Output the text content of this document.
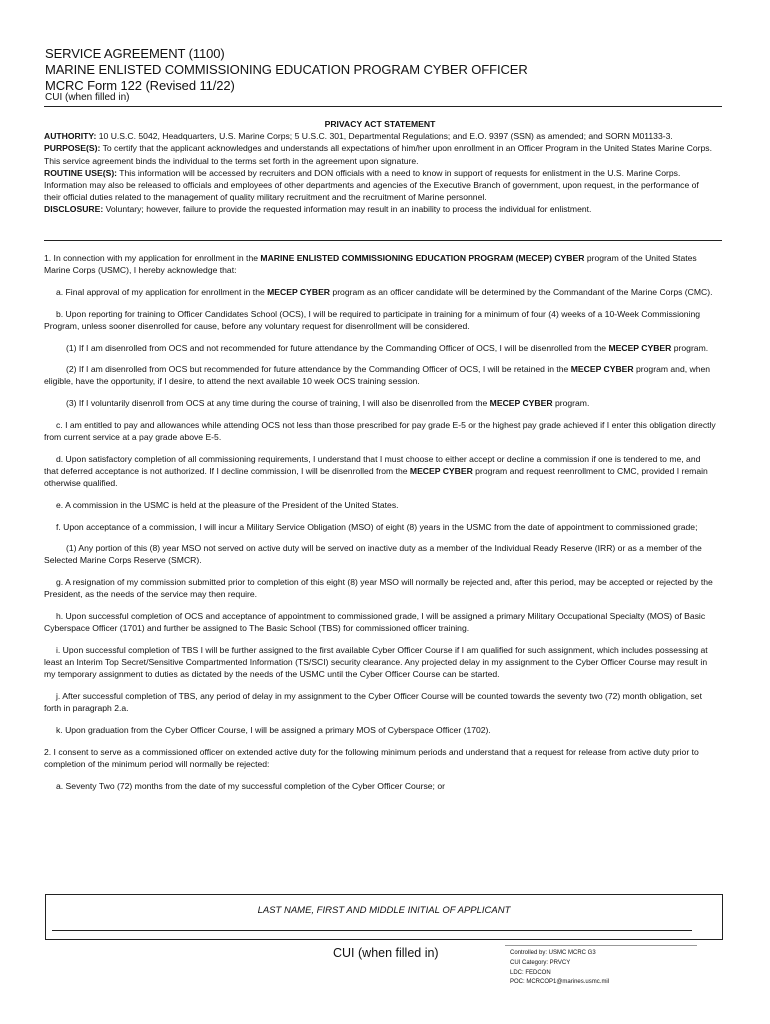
SERVICE AGREEMENT (1100)
MARINE ENLISTED COMMISSIONING EDUCATION PROGRAM CYBER OFFICER
MCRC Form 122 (Revised 11/22)
CUI (when filled in)
PRIVACY ACT STATEMENT

AUTHORITY: 10 U.S.C. 5042, Headquarters, U.S. Marine Corps; 5 U.S.C. 301, Departmental Regulations; and E.O. 9397 (SSN) as amended; and SORN M01133-3.

PURPOSE(S): To certify that the applicant acknowledges and understands all expectations of him/her upon enrollment in an Officer Program in the United States Marine Corps. This service agreement binds the individual to the terms set forth in the agreement upon signature.

ROUTINE USE(S): This information will be accessed by recruiters and DON officials with a need to know in support of requests for enlistment in the U.S. Marine Corps. Information may also be released to officials and employees of other departments and agencies of the Executive Branch of government, upon request, in the performance of their official duties related to the management of quality military recruitment and the recruitment of Marine personnel.

DISCLOSURE: Voluntary; however, failure to provide the requested information may result in an inability to process the individual for enlistment.

1. In connection with my application for enrollment in the MARINE ENLISTED COMMISSIONING EDUCATION PROGRAM (MECEP) CYBER program of the United States Marine Corps (USMC), I hereby acknowledge that:

a. Final approval of my application for enrollment in the MECEP CYBER program as an officer candidate will be determined by the Commandant of the Marine Corps (CMC).

b. Upon reporting for training to Officer Candidates School (OCS), I will be required to participate in training for a minimum of four (4) weeks of a 10-Week Commissioning Program, unless sooner disenrolled for cause, before any voluntary request for disenrollment will be considered.

(1) If I am disenrolled from OCS and not recommended for future attendance by the Commanding Officer of OCS, I will be disenrolled from the MECEP CYBER program.

(2) If I am disenrolled from OCS but recommended for future attendance by the Commanding Officer of OCS, I will be retained in the MECEP CYBER program and, when eligible, have the opportunity, if I desire, to attend the next available 10 week OCS training session.

(3) If I voluntarily disenroll from OCS at any time during the course of training, I will also be disenrolled from the MECEP CYBER program.

c. I am entitled to pay and allowances while attending OCS not less than those prescribed for pay grade E-5 or the highest pay grade achieved if I enter this obligation directly from current service at a pay grade above E-5.

d. Upon satisfactory completion of all commissioning requirements, I understand that I must choose to either accept or decline a commission if one is tendered to me, and that deferred acceptance is not authorized. If I decline commission, I will be disenrolled from the MECEP CYBER program and request reenrollment to CMC, provided I remain otherwise qualified.

e. A commission in the USMC is held at the pleasure of the President of the United States.

f. Upon acceptance of a commission, I will incur a Military Service Obligation (MSO) of eight (8) years in the USMC from the date of appointment to commissioned grade;

(1) Any portion of this (8) year MSO not served on active duty will be served on inactive duty as a member of the Individual Ready Reserve (IRR) or as a member of the Selected Marine Corps Reserve (SMCR).

g. A resignation of my commission submitted prior to completion of this eight (8) year MSO will normally be rejected and, after this period, may be accepted or rejected by the President, as the needs of the service may then require.

h. Upon successful completion of OCS and acceptance of appointment to commissioned grade, I will be assigned a primary Military Occupational Specialty (MOS) of Basic Cyberspace Officer (1701) and further be assigned to The Basic School (TBS) for commissioned officer training.

i. Upon successful completion of TBS I will be further assigned to the first available Cyber Officer Course if I am qualified for such assignment, which includes possessing at least an Interim Top Secret/Sensitive Compartmented Information (TS/SCI) security clearance. Any projected delay in my assignment to the Cyber Officer Course may result in my temporary assignment to duties as dictated by the needs of the USMC until the Cyber Officer Course can be started.

j. After successful completion of TBS, any period of delay in my assignment to the Cyber Officer Course will be counted towards the seventy two (72) month obligation, set forth in paragraph 2.a.

k. Upon graduation from the Cyber Officer Course, I will be assigned a primary MOS of Cyberspace Officer (1702).

2. I consent to serve as a commissioned officer on extended active duty for the following minimum periods and understand that a request for release from active duty prior to completion of the minimum period will normally be rejected:

a. Seventy Two (72) months from the date of my successful completion of the Cyber Officer Course; or

LAST NAME, FIRST AND MIDDLE INITIAL OF APPLICANT
CUI (when filled in)	Controlled by: USMC MCRC G3
CUI Category: PRVCY
LDC: FEDCON
POC: MCRCOP1@marines.usmc.mil
